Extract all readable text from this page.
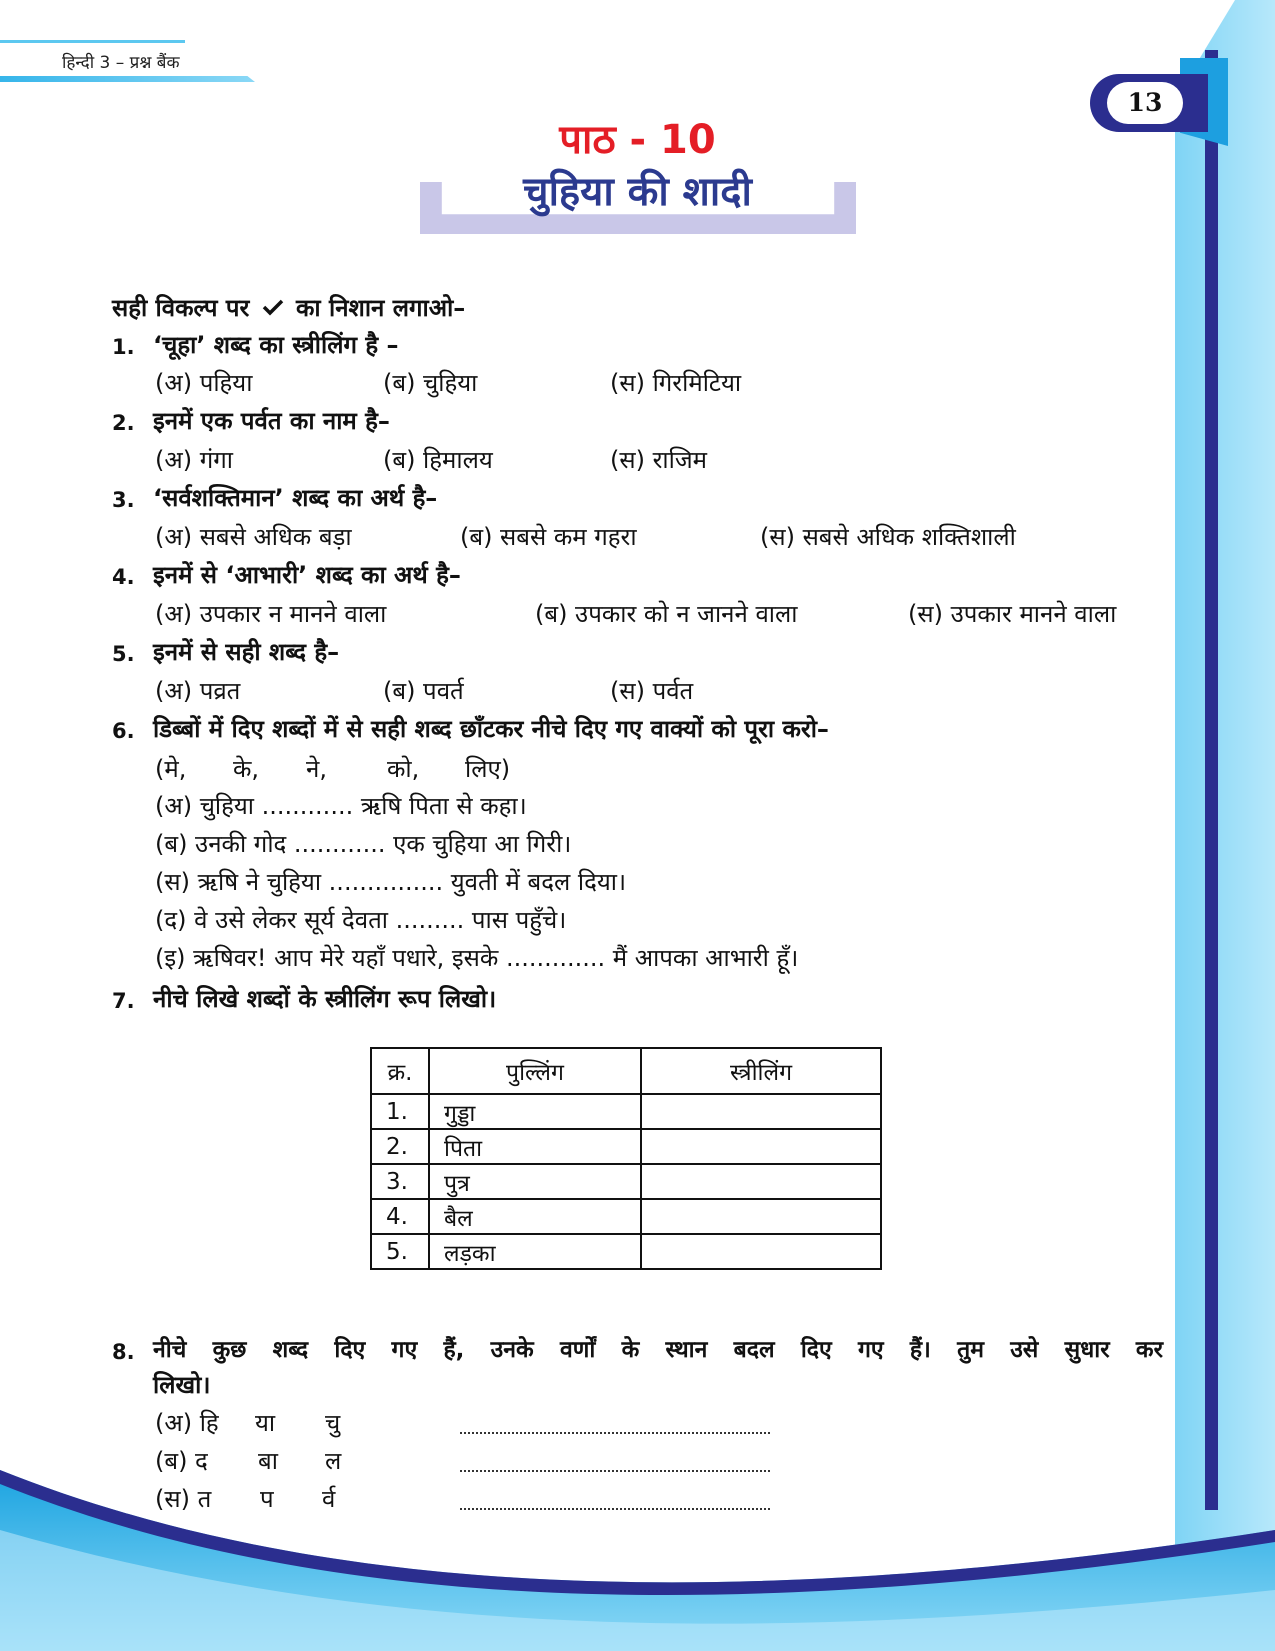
हिन्दी 3 – प्रश्न बैंक
13
पाठ - 10
चुहिया की शादी
सही विकल्प पर का निशान लगाओ–
1. ‘चूहा’ शब्द का स्त्रीलिंग है –
(अ) पहिया	(ब) चुहिया	(स) गिरमिटिया
2. इनमें एक पर्वत का नाम है–
(अ) गंगा	(ब) हिमालय	(स) राजिम
3. ‘सर्वशक्तिमान’ शब्द का अर्थ है–
(अ) सबसे अधिक बड़ा	(ब) सबसे कम गहरा	(स) सबसे अधिक शक्तिशाली
4. इनमें से ‘आभारी’ शब्द का अर्थ है–
(अ) उपकार न मानने वाला	(ब) उपकार को न जानने वाला	(स) उपकार मानने वाला
5. इनमें से सही शब्द है–
(अ) पव्रत	(ब) पवर्त	(स) पर्वत
6. डिब्बों में दिए शब्दों में से सही शब्द छाँटकर नीचे दिए गए वाक्यों को पूरा करो–
(मे, के, ने,	को, लिए)
(अ) चुहिया ............ ऋषि पिता से कहा।
(ब) उनकी गोद ............ एक चुहिया आ गिरी।
(स) ऋषि ने चुहिया ............... युवती में बदल दिया।
(द) वे उसे लेकर सूर्य देवता ......... पास पहुँचे।
(इ) ऋषिवर! आप मेरे यहाँ पधारे, इसके ............. मैं आपका आभारी हूँ।
7. नीचे लिखे शब्दों के स्त्रीलिंग रूप लिखो।
क्र.	पुल्लिंग	स्त्रीलिंग
1.	गुड्डा	
2.	पिता	
3.	पुत्र	
4.	बैल	
5.	लड़का	
8. नीचे कुछ शब्द दिए गए हैं, उनके वर्णों के स्थान बदल दिए गए हैं। तुम उसे सुधार कर
लिखो।
(अ) हि या चु
(ब) द बा ल
(स) त प र्व
